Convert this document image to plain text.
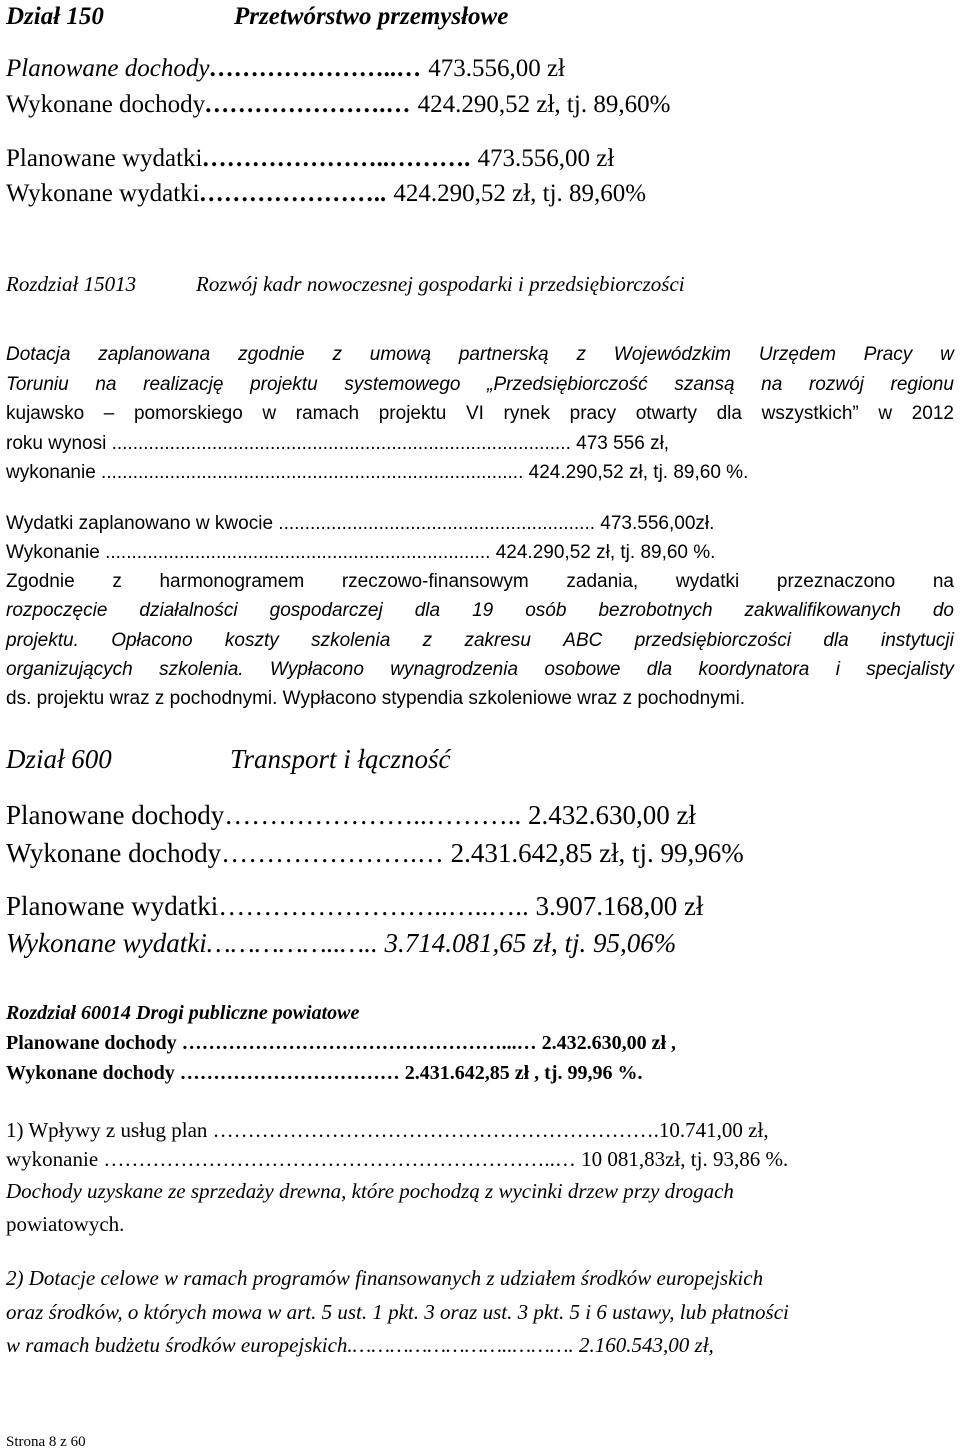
Dział 150	Przetwórstwo przemysłowe
Planowane dochody…………………..… 473.556,00 zł
Wykonane dochody………………….… 424.290,52 zł, tj. 89,60%
Planowane wydatki…………………..………. 473.556,00 zł
Wykonane wydatki………………….. 424.290,52 zł, tj. 89,60%
Rozdział 15013	Rozwój kadr nowoczesnej gospodarki i przedsiębiorczości
Dotacja zaplanowana zgodnie z umową partnerską z Wojewódzkim Urzędem Pracy w
Toruniu na realizację projektu systemowego „Przedsiębiorczość szansą na rozwój regionu
kujawsko – pomorskiego w ramach projektu VI rynek pracy otwarty dla wszystkich” w 2012
roku wynosi ....................................................................................... 473 556 zł,
wykonanie ................................................................................ 424.290,52 zł, tj. 89,60 %.
Wydatki zaplanowano w kwocie ............................................................ 473.556,00zł.
Wykonanie ......................................................................... 424.290,52 zł, tj. 89,60 %.
Zgodnie z harmonogramem rzeczowo-finansowym zadania, wydatki przeznaczono na
rozpoczęcie działalności gospodarczej dla 19 osób bezrobotnych zakwalifikowanych do
projektu. Opłacono koszty szkolenia z zakresu ABC przedsiębiorczości dla instytucji
organizujących szkolenia. Wypłacono wynagrodzenia osobowe dla koordynatora i specjalisty
ds. projektu wraz z pochodnymi. Wypłacono stypendia szkoleniowe wraz z pochodnymi.
Dział 600	Transport i łączność
Planowane dochody…………………..……….. 2.432.630,00 zł
Wykonane dochody………………….… 2.431.642,85 zł, tj. 99,96%
Planowane wydatki……………………..…..….. 3.907.168,00 zł
Wykonane wydatki……………..….. 3.714.081,65 zł, tj. 95,06%
Rozdział 60014 Drogi publiczne powiatowe
Planowane dochody …………………………………………...… 2.432.630,00 zł ,
Wykonane dochody …………………………… 2.431.642,85 zł , tj. 99,96 %.
1) Wpływy z usług plan ……………………………………………………….10.741,00 zł,
wykonanie ………………………………………………………..… 10 081,83zł, tj. 93,86 %.
Dochody uzyskane ze sprzedaży drewna, które pochodzą z wycinki drzew przy drogach
powiatowych.
2) Dotacje celowe w ramach programów finansowanych z udziałem środków europejskich
oraz środków, o których mowa w art. 5 ust. 1 pkt. 3 oraz ust. 3 pkt. 5 i 6 ustawy, lub płatności
w ramach budżetu środków europejskich.……………………..………. 2.160.543,00 zł,
Strona 8 z 60
